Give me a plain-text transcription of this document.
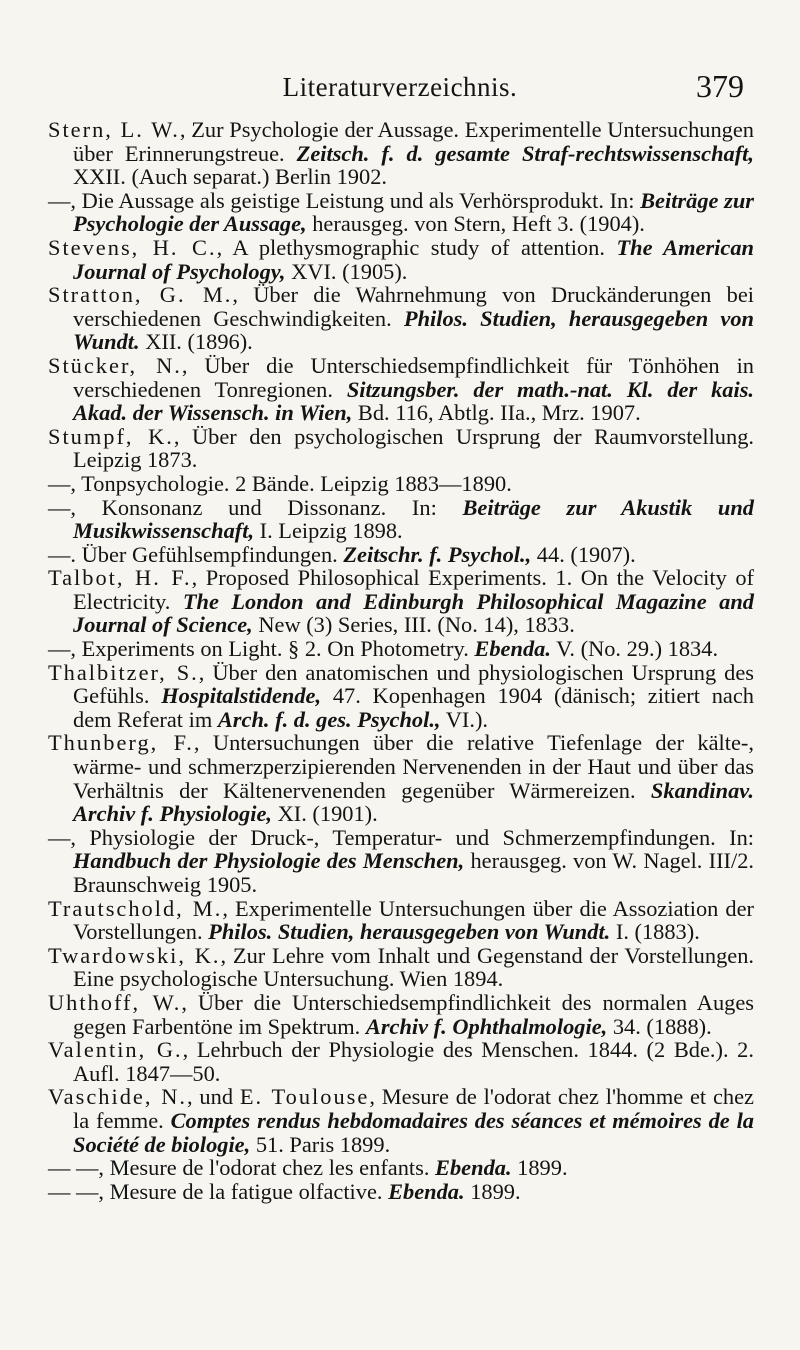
Literaturverzeichnis.	379
Stern, L. W., Zur Psychologie der Aussage. Experimentelle Untersuchungen über Erinnerungstreue. Zeitsch. f. d. gesamte Straf-rechtswissenschaft, XXII. (Auch separat.) Berlin 1902.
—, Die Aussage als geistige Leistung und als Verhörsprodukt. In: Beiträge zur Psychologie der Aussage, herausgeg. von Stern, Heft 3. (1904).
Stevens, H. C., A plethysmographic study of attention. The American Journal of Psychology, XVI. (1905).
Stratton, G. M., Über die Wahrnehmung von Druckänderungen bei verschiedenen Geschwindigkeiten. Philos. Studien, herausgegeben von Wundt. XII. (1896).
Stücker, N., Über die Unterschiedsempfindlichkeit für Tönhöhen in verschiedenen Tonregionen. Sitzungsber. der math.-nat. Kl. der kais. Akad. der Wissensch. in Wien, Bd. 116, Abtlg. IIa., Mrz. 1907.
Stumpf, K., Über den psychologischen Ursprung der Raumvorstellung. Leipzig 1873.
—, Tonpsychologie. 2 Bände. Leipzig 1883—1890.
—, Konsonanz und Dissonanz. In: Beiträge zur Akustik und Musikwissenschaft, I. Leipzig 1898.
—. Über Gefühlsempfindungen. Zeitschr. f. Psychol., 44. (1907).
Talbot, H. F., Proposed Philosophical Experiments. 1. On the Velocity of Electricity. The London and Edinburgh Philosophical Magazine and Journal of Science, New (3) Series, III. (No. 14), 1833.
—, Experiments on Light. § 2. On Photometry. Ebenda. V. (No. 29.) 1834.
Thalbitzer, S., Über den anatomischen und physiologischen Ursprung des Gefühls. Hospitalstidende, 47. Kopenhagen 1904 (dänisch; zitiert nach dem Referat im Arch. f. d. ges. Psychol., VI.).
Thunberg, F., Untersuchungen über die relative Tiefenlage der kälte-, wärme- und schmerzperzipierenden Nervenenden in der Haut und über das Verhältnis der Kältenervenenden gegenüber Wärmereizen. Skandinav. Archiv f. Physiologie, XI. (1901).
—, Physiologie der Druck-, Temperatur- und Schmerzempfindungen. In: Handbuch der Physiologie des Menschen, herausgeg. von W. Nagel. III/2. Braunschweig 1905.
Trautschold, M., Experimentelle Untersuchungen über die Assoziation der Vorstellungen. Philos. Studien, herausgegeben von Wundt. I. (1883).
Twardowski, K., Zur Lehre vom Inhalt und Gegenstand der Vorstellungen. Eine psychologische Untersuchung. Wien 1894.
Uhthoff, W., Über die Unterschiedsempfindlichkeit des normalen Auges gegen Farbentöne im Spektrum. Archiv f. Ophthalmologie, 34. (1888).
Valentin, G., Lehrbuch der Physiologie des Menschen. 1844. (2 Bde.). 2. Aufl. 1847—50.
Vaschide, N., und E. Toulouse, Mesure de l'odorat chez l'homme et chez la femme. Comptes rendus hebdomadaires des séances et mémoires de la Société de biologie, 51. Paris 1899.
— —, Mesure de l'odorat chez les enfants. Ebenda. 1899.
— —, Mesure de la fatigue olfactive. Ebenda. 1899.
